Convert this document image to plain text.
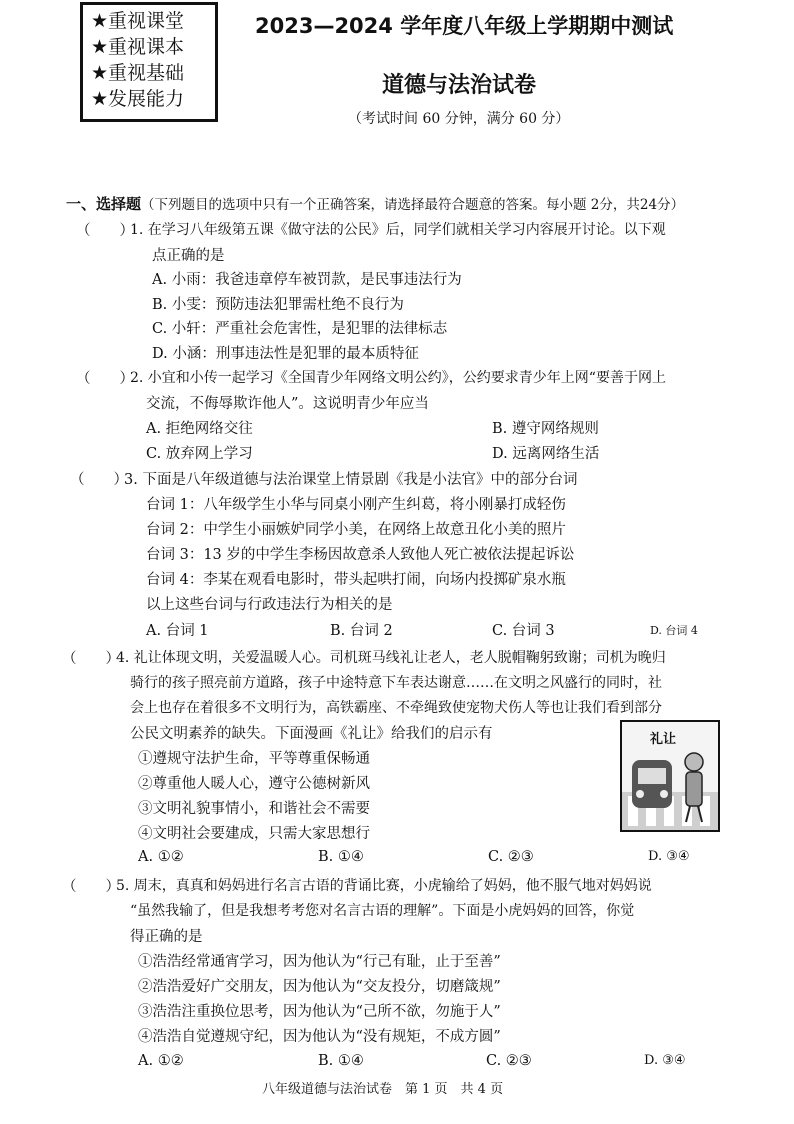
★重视课堂
★重视课本
★重视基础
★发展能力
2023—2024 学年度八年级上学期期中测试
道德与法治试卷
（考试时间 60 分钟，满分 60 分）
一、选择题（下列题目的选项中只有一个正确答案，请选择最符合题意的答案。每小题 2分，共24分）
（　　）
1. 在学习八年级第五课《做守法的公民》后，同学们就相关学习内容展开讨论。以下观
点正确的是
A. 小雨：我爸违章停车被罚款，是民事违法行为
B. 小雯：预防违法犯罪需杜绝不良行为
C. 小轩：严重社会危害性，是犯罪的法律标志
D. 小涵：刑事违法性是犯罪的最本质特征
（　　）
2. 小宜和小传一起学习《全国青少年网络文明公约》，公约要求青少年上网“要善于网上
交流，不侮辱欺诈他人”。这说明青少年应当
A. 拒绝网络交往	B. 遵守网络规则
C. 放弃网上学习	D. 远离网络生活
（　　）
3. 下面是八年级道德与法治课堂上情景剧《我是小法官》中的部分台词
台词 1：八年级学生小华与同桌小刚产生纠葛，将小刚暴打成轻伤
台词 2：中学生小丽嫉妒同学小美，在网络上故意丑化小美的照片
台词 3：13 岁的中学生李杨因故意杀人致他人死亡被依法提起诉讼
台词 4：李某在观看电影时，带头起哄打闹，向场内投掷矿泉水瓶
以上这些台词与行政违法行为相关的是
A. 台词 1	B. 台词 2	C. 台词 3	D. 台词 4
（　　）
4. 礼让体现文明，关爱温暖人心。司机斑马线礼让老人，老人脱帽鞠躬致谢；司机为晚归
骑行的孩子照亮前方道路，孩子中途特意下车表达谢意……在文明之风盛行的同时，社
会上也存在着很多不文明行为，高铁霸座、不牵绳致使宠物犬伤人等也让我们看到部分
公民文明素养的缺失。下面漫画《礼让》给我们的启示有
①遵规守法护生命，平等尊重保畅通
②尊重他人暖人心，遵守公德树新风
③文明礼貌事情小，和谐社会不需要
④文明社会要建成，只需大家思想行
礼让
A. ①②	B. ①④	C. ②③	D. ③④
（　　）
5. 周末，真真和妈妈进行名言古语的背诵比赛，小虎输给了妈妈，他不服气地对妈妈说
“虽然我输了，但是我想考考您对名言古语的理解”。下面是小虎妈妈的回答，你觉
得正确的是
①浩浩经常通宵学习，因为他认为“行己有耻，止于至善”
②浩浩爱好广交朋友，因为他认为“交友投分，切磨箴规”
③浩浩注重换位思考，因为他认为“己所不欲，勿施于人”
④浩浩自觉遵规守纪，因为他认为“没有规矩，不成方圆”
A. ①②	B. ①④	C. ②③	D. ③④
八年级道德与法治试卷　第 1 页　共 4 页
